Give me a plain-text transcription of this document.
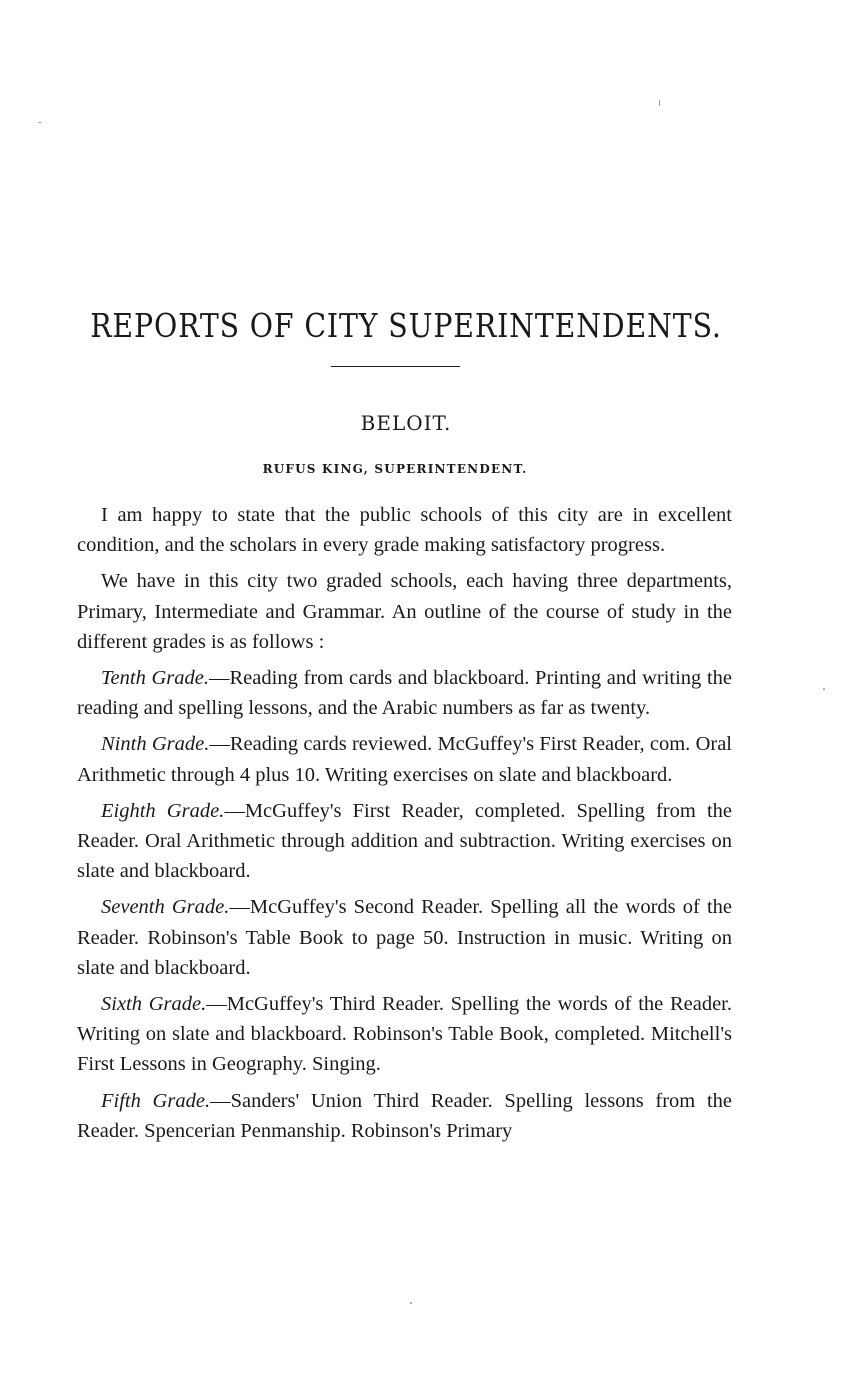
REPORTS OF CITY SUPERINTENDENTS.
BELOIT.
RUFUS KING, SUPERINTENDENT.

I am happy to state that the public schools of this city are in excellent condition, and the scholars in every grade making satisfactory progress.

We have in this city two graded schools, each having three departments, Primary, Intermediate and Grammar. An outline of the course of study in the different grades is as follows :

Tenth Grade.—Reading from cards and blackboard. Printing and writing the reading and spelling lessons, and the Arabic numbers as far as twenty.

Ninth Grade.—Reading cards reviewed. McGuffey's First Reader, com. Oral Arithmetic through 4 plus 10. Writing exercises on slate and blackboard.

Eighth Grade.—McGuffey's First Reader, completed. Spelling from the Reader. Oral Arithmetic through addition and subtraction. Writing exercises on slate and blackboard.

Seventh Grade.—McGuffey's Second Reader. Spelling all the words of the Reader. Robinson's Table Book to page 50. Instruction in music. Writing on slate and blackboard.

Sixth Grade.—McGuffey's Third Reader. Spelling the words of the Reader. Writing on slate and blackboard. Robinson's Table Book, completed. Mitchell's First Lessons in Geography. Singing.

Fifth Grade.—Sanders' Union Third Reader. Spelling lessons from the Reader. Spencerian Penmanship. Robinson's Primary
